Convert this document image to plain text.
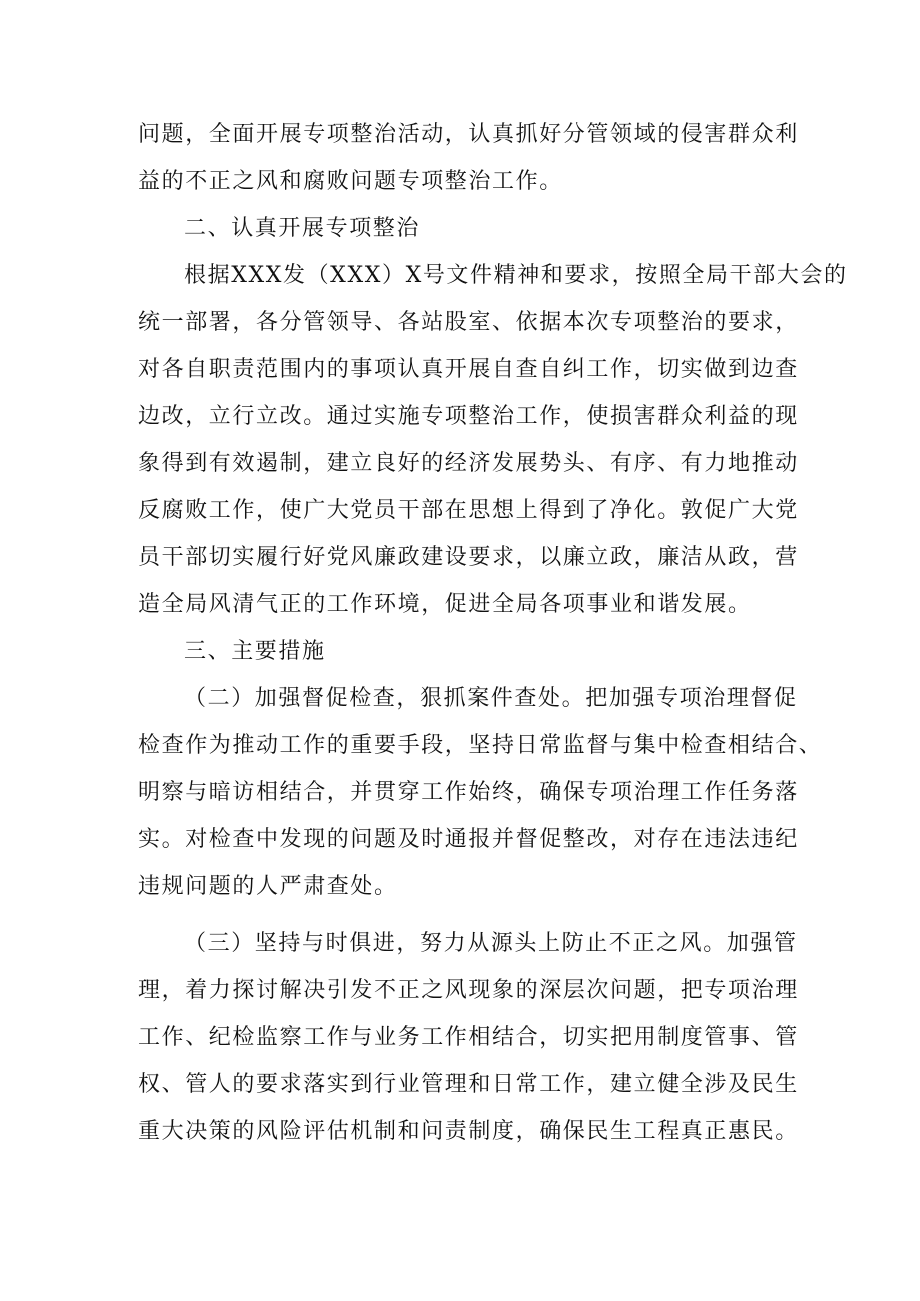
问题，全面开展专项整治活动，认真抓好分管领域的侵害群众利
益的不正之风和腐败问题专项整治工作。
二、认真开展专项整治
根据XXX发（XXX）X号文件精神和要求，按照全局干部大会的
统一部署，各分管领导、各站股室、依据本次专项整治的要求，
对各自职责范围内的事项认真开展自查自纠工作，切实做到边查
边改，立行立改。通过实施专项整治工作，使损害群众利益的现
象得到有效遏制，建立良好的经济发展势头、有序、有力地推动
反腐败工作，使广大党员干部在思想上得到了净化。敦促广大党
员干部切实履行好党风廉政建设要求，以廉立政，廉洁从政，营
造全局风清气正的工作环境，促进全局各项事业和谐发展。
三、主要措施
（二）加强督促检查，狠抓案件查处。把加强专项治理督促
检查作为推动工作的重要手段，坚持日常监督与集中检查相结合、
明察与暗访相结合，并贯穿工作始终，确保专项治理工作任务落
实。对检查中发现的问题及时通报并督促整改，对存在违法违纪
违规问题的人严肃查处。
（三）坚持与时俱进，努力从源头上防止不正之风。加强管
理，着力探讨解决引发不正之风现象的深层次问题，把专项治理
工作、纪检监察工作与业务工作相结合，切实把用制度管事、管
权、管人的要求落实到行业管理和日常工作，建立健全涉及民生
重大决策的风险评估机制和问责制度，确保民生工程真正惠民。
